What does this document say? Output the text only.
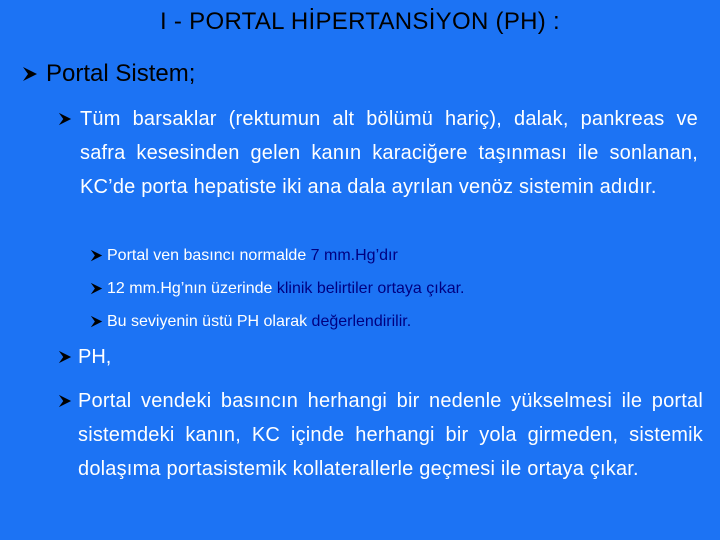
I - PORTAL HİPERTANSİYON (PH) :
Portal Sistem;
Tüm barsaklar (rektumun alt bölümü hariç), dalak, pankreas ve safra kesesinden gelen kanın karaciğere taşınması ile sonlanan, KC’de porta hepatiste iki ana dala ayrılan venöz sistemin adıdır.
Portal ven basıncı normalde 7 mm.Hg’dır
12 mm.Hg’nın üzerinde klinik belirtiler ortaya çıkar.
Bu seviyenin üstü PH olarak değerlendirilir.
PH,
Portal vendeki basıncın herhangi bir nedenle yükselmesi ile portal sistemdeki kanın, KC içinde herhangi bir yola girmeden, sistemik dolaşıma portasistemik kollaterallerle geçmesi ile ortaya çıkar.
